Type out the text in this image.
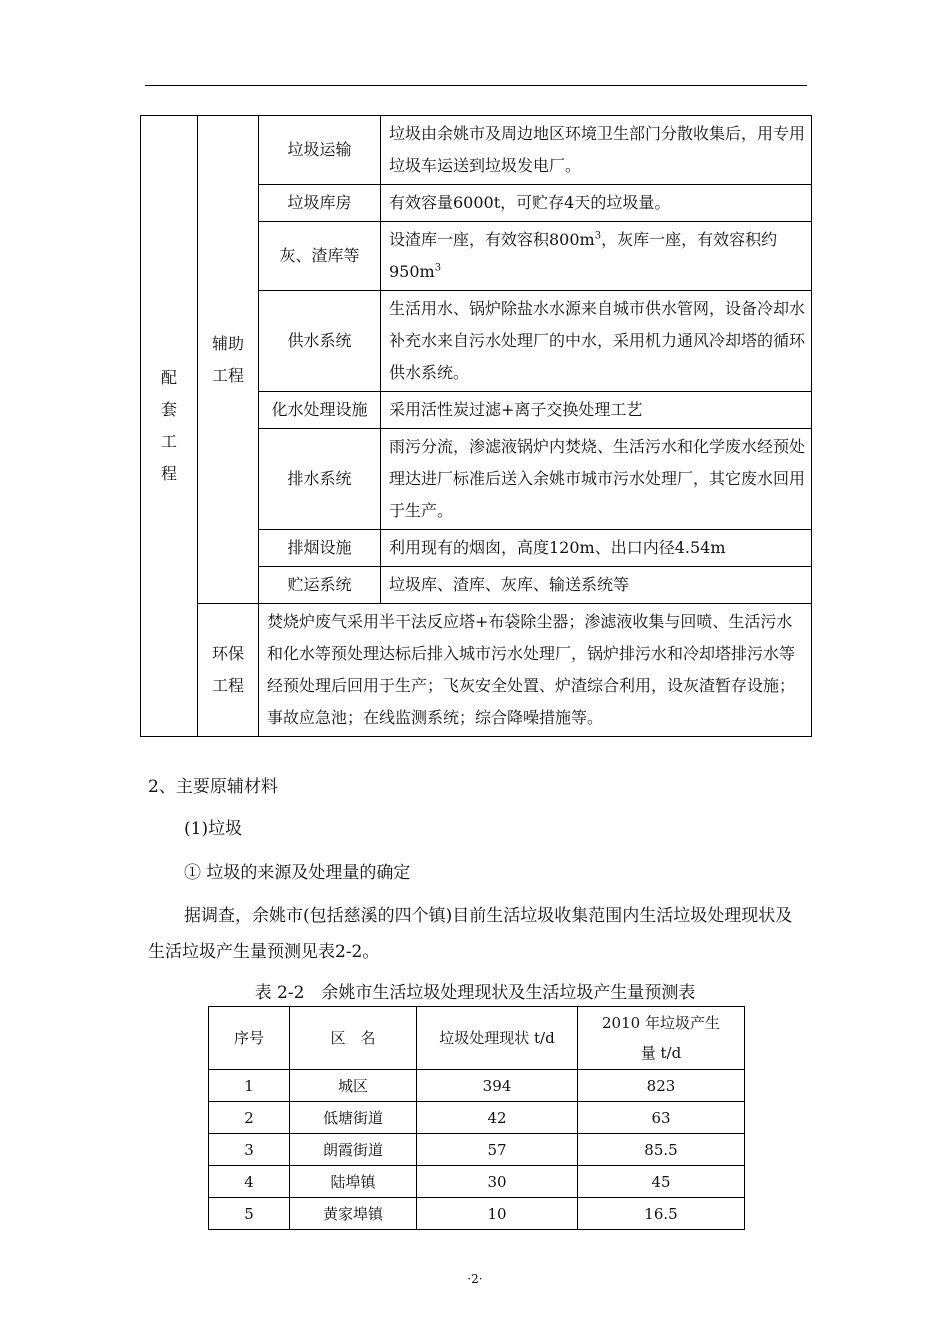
配套工程	辅助工程	垃圾运输	垃圾由余姚市及周边地区环境卫生部门分散收集后，用专用垃圾车运送到垃圾发电厂。
		垃圾库房	有效容量6000t，可贮存4天的垃圾量。
		灰、渣库等	设渣库一座，有效容积$800m^3$，灰库一座，有效容积约$950m^3$
		供水系统	生活用水、锅炉除盐水水源来自城市供水管网，设备冷却水补充水来自污水处理厂的中水，采用机力通风冷却塔的循环供水系统。
		化水处理设施	采用活性炭过滤+离子交换处理工艺
		排水系统	雨污分流，渗滤液锅炉内焚烧、生活污水和化学废水经预处理达进厂标准后送入余姚市城市污水处理厂，其它废水回用于生产。
		排烟设施	利用现有的烟囱，高度120m、出口内径4.54m
		贮运系统	垃圾库、渣库、灰库、输送系统等

	环保工程	焚烧炉废气采用半干法反应塔+布袋除尘器；渗滤液收集与回喷、生活污水和化水等预处理达标后排入城市污水处理厂，锅炉排污水和冷却塔排污水等经预处理后回用于生产；飞灰安全处置、炉渣综合利用，设灰渣暂存设施；事故应急池；在线监测系统；综合降噪措施等。	
2、主要原辅材料
(1)垃圾
① 垃圾的来源及处理量的确定
据调查，余姚市(包括慈溪的四个镇)目前生活垃圾收集范围内生活垃圾处理现状及生活垃圾产生量预测见表2-2。
表 2-2　余姚市生活垃圾处理现状及生活垃圾产生量预测表
序号	区　名	垃圾处理现状 t/d	2010 年垃圾产生量 t/d
1	城区	394	823
2	低塘街道	42	63
3	朗霞街道	57	85.5
4	陆埠镇	30	45
5	黄家埠镇	10	16.5
·2·
